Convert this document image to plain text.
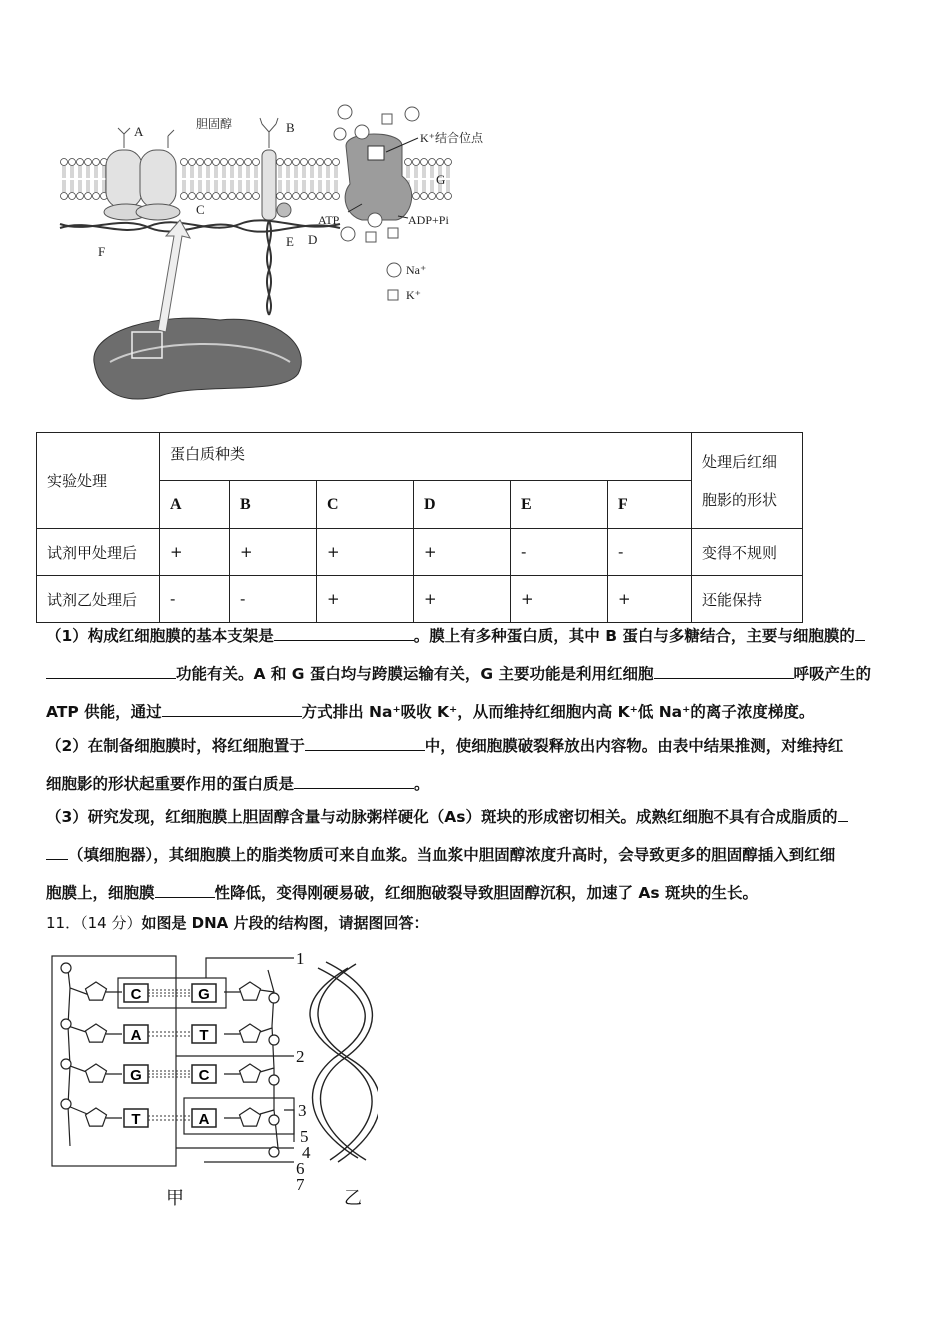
A	胆固醇	B
K⁺结合位点
G
C
ATP	ADP+Pi
D
E
F
Na⁺
K⁺
实验处理	蛋白质种类						处理后红细
胞影的形状
	A	B	C	D	E	F	
试剂甲处理后	+	+	+	+	-	-	变得不规则
试剂乙处理后	-	-	+	+	+	+	还能保持
（1）构成红细胞膜的基本支架是	。膜上有多种蛋白质，其中 B 蛋白与多糖结合，主要与细胞膜的
功能有关。A 和 G 蛋白均与跨膜运输有关，G 主要功能是利用红细胞	呼吸产生的
ATP 供能，通过	方式排出 Na⁺吸收 K⁺，从而维持红细胞内高 K⁺低 Na⁺的离子浓度梯度。
（2）在制备细胞膜时，将红细胞置于	中，使细胞膜破裂释放出内容物。由表中结果推测，对维持红
细胞影的形状起重要作用的蛋白质是	。
（3）研究发现，红细胞膜上胆固醇含量与动脉粥样硬化（As）斑块的形成密切相关。成熟红细胞不具有合成脂质的
（填细胞器），其细胞膜上的脂类物质可来自血浆。当血浆中胆固醇浓度升高时，会导致更多的胆固醇插入到红细
胞膜上，细胞膜	性降低，变得刚硬易破，红细胞破裂导致胆固醇沉积，加速了 As 斑块的生长。
11．（14 分）如图是 DNA 片段的结构图，请据图回答：
C
A
G
T
G
T
C
A
1
2
3
5
4
6
7
甲	乙
